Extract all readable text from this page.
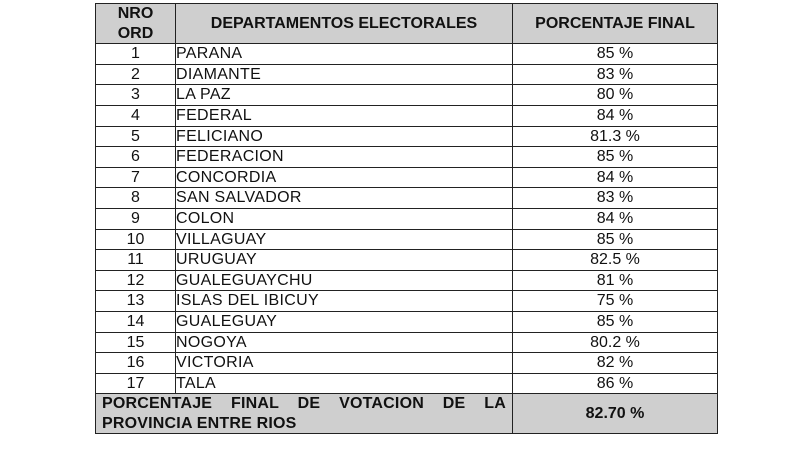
NRO ORD	DEPARTAMENTOS ELECTORALES	PORCENTAJE FINAL
1	PARANA	85 %
2	DIAMANTE	83 %
3	LA PAZ	80 %
4	FEDERAL	84 %
5	FELICIANO	81.3 %
6	FEDERACION	85 %
7	CONCORDIA	84 %
8	SAN SALVADOR	83 %
9	COLON	84 %
10	VILLAGUAY	85 %
11	URUGUAY	82.5 %
12	GUALEGUAYCHU	81 %
13	ISLAS DEL IBICUY	75 %
14	GUALEGUAY	85 %
15	NOGOYA	80.2 %
16	VICTORIA	82 %
17	TALA	86 %
PORCENTAJE FINAL DE VOTACION DE LA PROVINCIA ENTRE RIOS		82.70 %
